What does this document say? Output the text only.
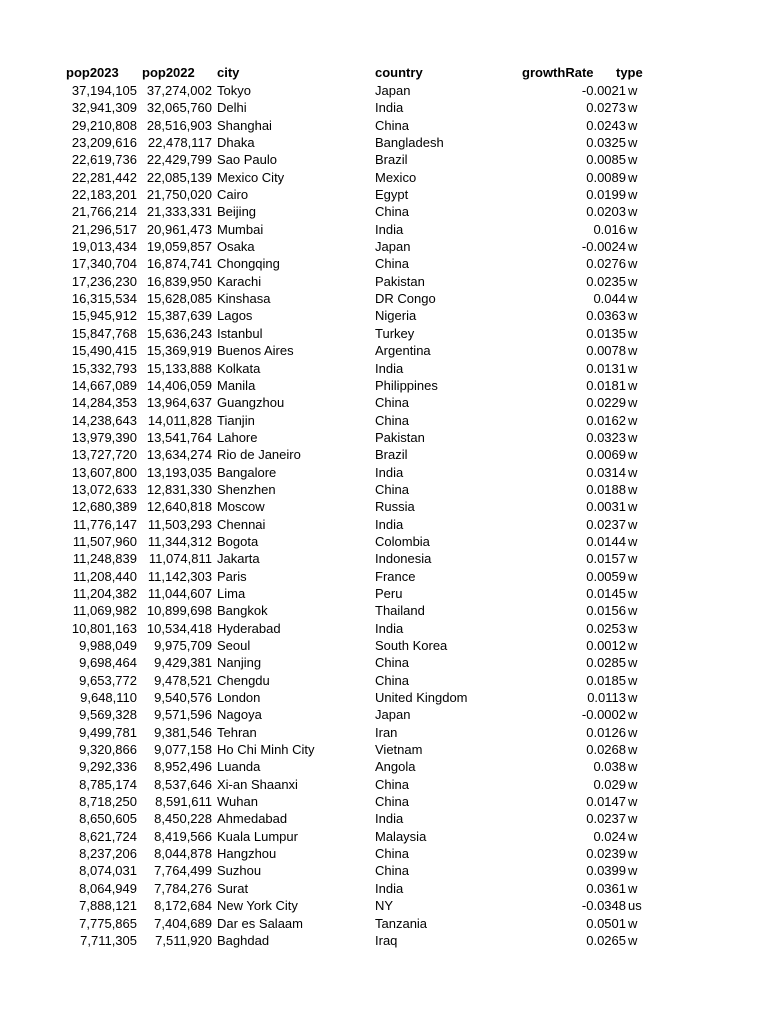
pop2023 pop2022 city	country	growthRate type
37,194,105 37,274,002 Tokyo	Japan	-0.0021 w
32,941,309 32,065,760 Delhi	India	0.0273 w
29,210,808 28,516,903 Shanghai	China	0.0243 w
23,209,616 22,478,117 Dhaka	Bangladesh	0.0325 w
22,619,736 22,429,799 Sao Paulo	Brazil	0.0085 w
22,281,442 22,085,139 Mexico City	Mexico	0.0089 w
22,183,201 21,750,020 Cairo	Egypt	0.0199 w
21,766,214 21,333,331 Beijing	China	0.0203 w
21,296,517 20,961,473 Mumbai	India	0.016 w
19,013,434 19,059,857 Osaka	Japan	-0.0024 w
17,340,704 16,874,741 Chongqing	China	0.0276 w
17,236,230 16,839,950 Karachi	Pakistan	0.0235 w
16,315,534 15,628,085 Kinshasa	DR Congo	0.044 w
15,945,912 15,387,639 Lagos	Nigeria	0.0363 w
15,847,768 15,636,243 Istanbul	Turkey	0.0135 w
15,490,415 15,369,919 Buenos Aires	Argentina	0.0078 w
15,332,793 15,133,888 Kolkata	India	0.0131 w
14,667,089 14,406,059 Manila	Philippines	0.0181 w
14,284,353 13,964,637 Guangzhou	China	0.0229 w
14,238,643 14,011,828 Tianjin	China	0.0162 w
13,979,390 13,541,764 Lahore	Pakistan	0.0323 w
13,727,720 13,634,274 Rio de Janeiro	Brazil	0.0069 w
13,607,800 13,193,035 Bangalore	India	0.0314 w
13,072,633 12,831,330 Shenzhen	China	0.0188 w
12,680,389 12,640,818 Moscow	Russia	0.0031 w
11,776,147 11,503,293 Chennai	India	0.0237 w
11,507,960 11,344,312 Bogota	Colombia	0.0144 w
11,248,839 11,074,811 Jakarta	Indonesia	0.0157 w
11,208,440 11,142,303 Paris	France	0.0059 w
11,204,382 11,044,607 Lima	Peru	0.0145 w
11,069,982 10,899,698 Bangkok	Thailand	0.0156 w
10,801,163 10,534,418 Hyderabad	India	0.0253 w
9,988,049 9,975,709 Seoul	South Korea	0.0012 w
9,698,464 9,429,381 Nanjing	China	0.0285 w
9,653,772 9,478,521 Chengdu	China	0.0185 w
9,648,110 9,540,576 London	United Kingdom	0.0113 w
9,569,328 9,571,596 Nagoya	Japan	-0.0002 w
9,499,781 9,381,546 Tehran	Iran	0.0126 w
9,320,866 9,077,158 Ho Chi Minh City	Vietnam	0.0268 w
9,292,336 8,952,496 Luanda	Angola	0.038 w
8,785,174 8,537,646 Xi-an Shaanxi	China	0.029 w
8,718,250 8,591,611 Wuhan	China	0.0147 w
8,650,605 8,450,228 Ahmedabad	India	0.0237 w
8,621,724 8,419,566 Kuala Lumpur	Malaysia	0.024 w
8,237,206 8,044,878 Hangzhou	China	0.0239 w
8,074,031 7,764,499 Suzhou	China	0.0399 w
8,064,949 7,784,276 Surat	India	0.0361 w
7,888,121 8,172,684 New York City	NY	-0.0348 us
7,775,865 7,404,689 Dar es Salaam	Tanzania	0.0501 w
7,711,305 7,511,920 Baghdad	Iraq	0.0265 w
